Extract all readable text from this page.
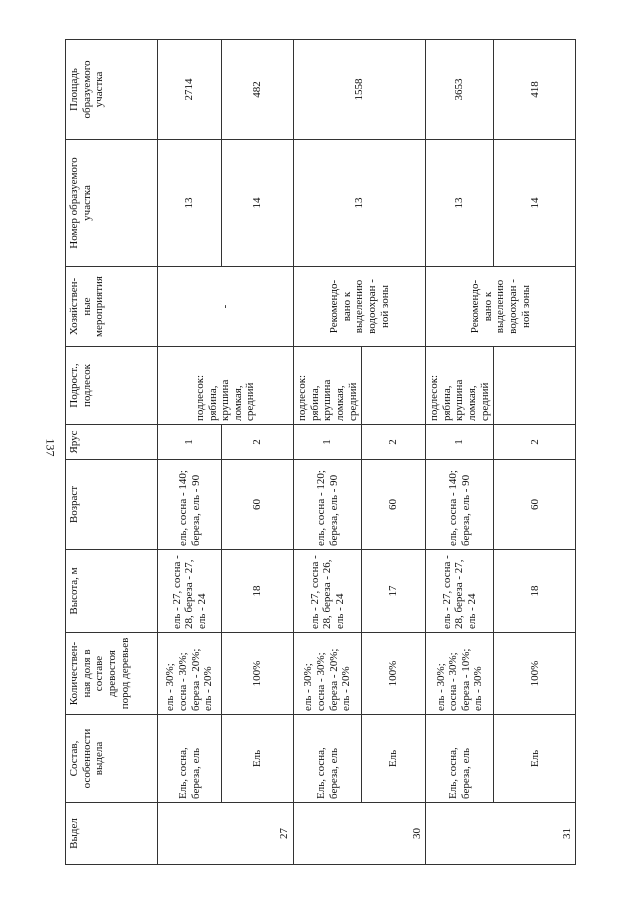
137
Выдел	Состав, особенности выдела	Количествен-ная доля в составе древостоя пород деревьев	Высота, м	Возраст	Ярус	Подрост., подлесок	Хозяйствен-ные мероприятия	Номер образуемого участка	Площадь образуемого участка
27	Ель, сосна, береза, ель	ель - 30%; сосна - 30%; береза - 20%; ель - 20%	ель - 27, сосна - 28, береза - 27, ель - 24	ель, сосна - 140; береза, ель - 90	1	подлесок: рябина, крушина ломкая, средний	-	13	2714
	Ель	100%	18	60	2			14	482
30	Ель, сосна, береза, ель	ель - 30%; сосна - 30%; береза - 20%; ель - 20%	ель - 27, сосна - 28, береза - 26, ель - 24	ель, сосна - 120; береза, ель - 90	1	подлесок: рябина, крушина ломкая, средний	Рекомендо-вано к выделению водоохран - ной зоны	13	1558
	Ель	100%	17	60	2				
31	Ель, сосна, береза, ель	ель - 30%; сосна - 30%; береза - 10%; ель - 30%	ель - 27, сосна - 28, береза - 27, ель - 24	ель, сосна - 140; береза, ель - 90	1	подлесок: рябина, крушина ломкая, средний	Рекомендо-вано к выделению водоохран - ной зоны	13	3653
	Ель	100%	18	60	2			14	418
